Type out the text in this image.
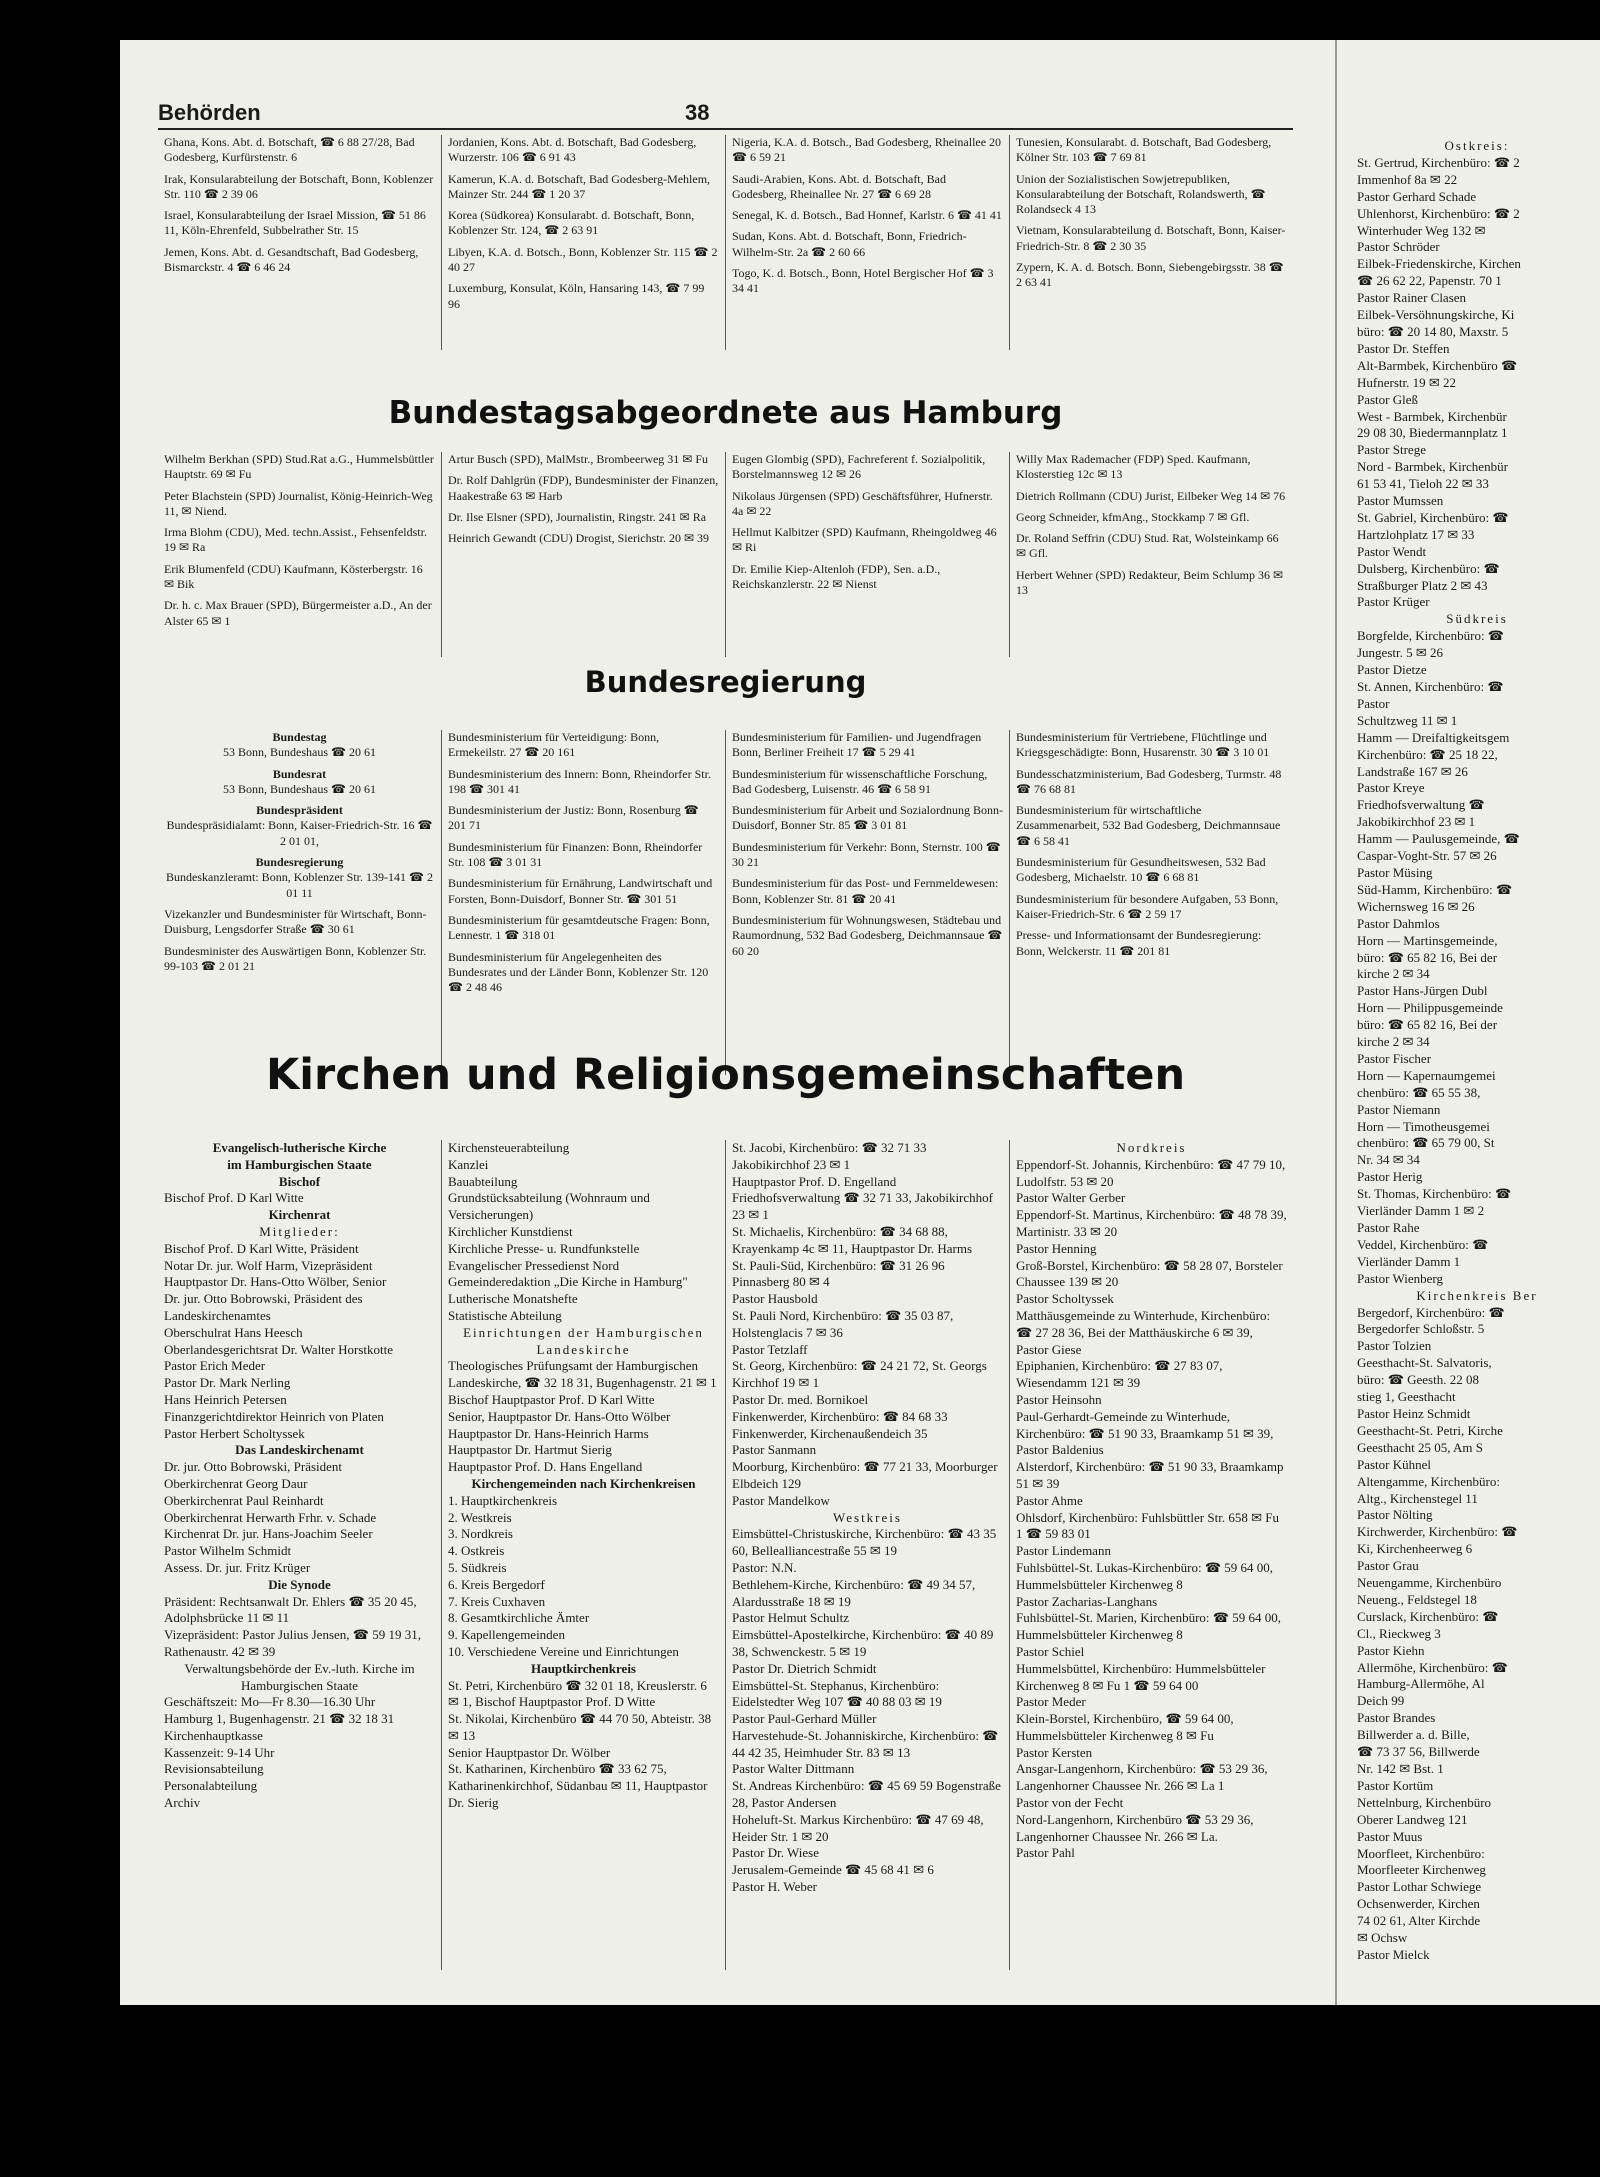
Behörden	38
Ghana, Kons. Abt. d. Botschaft, ☎ 6 88 27/28, Bad Godesberg, Kurfürstenstr. 6
Irak, Konsularabteilung der Botschaft, Bonn, Koblenzer Str. 110 ☎ 2 39 06
Israel, Konsularabteilung der Israel Mission, ☎ 51 86 11, Köln-Ehrenfeld, Subbelrather Str. 15
Jemen, Kons. Abt. d. Gesandtschaft, Bad Godesberg, Bismarckstr. 4 ☎ 6 46 24
Jordanien, Kons. Abt. d. Botschaft, Bad Godesberg, Wurzerstr. 106 ☎ 6 91 43
Kamerun, K.A. d. Botschaft, Bad Godesberg-Mehlem, Mainzer Str. 244 ☎ 1 20 37
Korea (Südkorea) Konsularabt. d. Botschaft, Bonn, Koblenzer Str. 124, ☎ 2 63 91
Libyen, K.A. d. Botsch., Bonn, Koblenzer Str. 115 ☎ 2 40 27
Luxemburg, Konsulat, Köln, Hansaring 143, ☎ 7 99 96
Nigeria, K.A. d. Botsch., Bad Godesberg, Rheinallee 20 ☎ 6 59 21
Saudi-Arabien, Kons. Abt. d. Botschaft, Bad Godesberg, Rheinallee Nr. 27 ☎ 6 69 28
Senegal, K. d. Botsch., Bad Honnef, Karlstr. 6 ☎ 41 41
Sudan, Kons. Abt. d. Botschaft, Bonn, Friedrich-Wilhelm-Str. 2a ☎ 2 60 66
Togo, K. d. Botsch., Bonn, Hotel Bergischer Hof ☎ 3 34 41
Tunesien, Konsularabt. d. Botschaft, Bad Godesberg, Kölner Str. 103 ☎ 7 69 81
Union der Sozialistischen Sowjetrepubliken, Konsularabteilung der Botschaft, Rolandswerth, ☎ Rolandseck 4 13
Vietnam, Konsularabteilung d. Botschaft, Bonn, Kaiser-Friedrich-Str. 8 ☎ 2 30 35
Zypern, K. A. d. Botsch. Bonn, Siebengebirgsstr. 38 ☎ 2 63 41
Bundestagsabgeordnete aus Hamburg
Wilhelm Berkhan (SPD) Stud.Rat a.G., Hummelsbüttler Hauptstr. 69 ✉ Fu
Peter Blachstein (SPD) Journalist, König-Heinrich-Weg 11, ✉ Niend.
Irma Blohm (CDU), Med. techn.Assist., Fehsenfeldstr. 19 ✉ Ra
Erik Blumenfeld (CDU) Kaufmann, Kösterbergstr. 16 ✉ Bik
Dr. h. c. Max Brauer (SPD), Bürgermeister a.D., An der Alster 65 ✉ 1
Artur Busch (SPD), MalMstr., Brombeerweg 31 ✉ Fu
Dr. Rolf Dahlgrün (FDP), Bundesminister der Finanzen, Haakestraße 63 ✉ Harb
Dr. Ilse Elsner (SPD), Journalistin, Ringstr. 241 ✉ Ra
Heinrich Gewandt (CDU) Drogist, Sierichstr. 20 ✉ 39
Eugen Glombig (SPD), Fachreferent f. Sozialpolitik, Borstelmannsweg 12 ✉ 26
Nikolaus Jürgensen (SPD) Geschäftsführer, Hufnerstr. 4a ✉ 22
Hellmut Kalbitzer (SPD) Kaufmann, Rheingoldweg 46 ✉ Ri
Dr. Emilie Kiep-Altenloh (FDP), Sen. a.D., Reichskanzlerstr. 22 ✉ Nienst
Willy Max Rademacher (FDP) Sped. Kaufmann, Klosterstieg 12c ✉ 13
Dietrich Rollmann (CDU) Jurist, Eilbeker Weg 14 ✉ 76
Georg Schneider, kfmAng., Stockkamp 7 ✉ Gfl.
Dr. Roland Seffrin (CDU) Stud. Rat, Wolsteinkamp 66 ✉ Gfl.
Herbert Wehner (SPD) Redakteur, Beim Schlump 36 ✉ 13
Bundesregierung
Bundestag
53 Bonn, Bundeshaus ☎ 20 61
Bundesrat
53 Bonn, Bundeshaus ☎ 20 61
Bundespräsident
Bundespräsidialamt: Bonn, Kaiser-Friedrich-Str. 16 ☎ 2 01 01,
Bundesregierung
Bundeskanzleramt: Bonn, Koblenzer Str. 139-141 ☎ 2 01 11
Vizekanzler und Bundesminister für Wirtschaft, Bonn-Duisburg, Lengsdorfer Straße ☎ 30 61
Bundesminister des Auswärtigen Bonn, Koblenzer Str. 99-103 ☎ 2 01 21
Bundesministerium für Verteidigung: Bonn, Ermekeilstr. 27 ☎ 20 161
Bundesministerium des Innern: Bonn, Rheindorfer Str. 198 ☎ 301 41
Bundesministerium der Justiz: Bonn, Rosenburg ☎ 201 71
Bundesministerium für Finanzen: Bonn, Rheindorfer Str. 108 ☎ 3 01 31
Bundesministerium für Ernährung, Landwirtschaft und Forsten, Bonn-Duisdorf, Bonner Str. ☎ 301 51
Bundesministerium für gesamtdeutsche Fragen: Bonn, Lennestr. 1 ☎ 318 01
Bundesministerium für Angelegenheiten des Bundesrates und der Länder Bonn, Koblenzer Str. 120 ☎ 2 48 46
Bundesministerium für Familien- und Jugendfragen Bonn, Berliner Freiheit 17 ☎ 5 29 41
Bundesministerium für wissenschaftliche Forschung, Bad Godesberg, Luisenstr. 46 ☎ 6 58 91
Bundesministerium für Arbeit und Sozialordnung Bonn-Duisdorf, Bonner Str. 85 ☎ 3 01 81
Bundesministerium für Verkehr: Bonn, Sternstr. 100 ☎ 30 21
Bundesministerium für das Post- und Fernmeldewesen: Bonn, Koblenzer Str. 81 ☎ 20 41
Bundesministerium für Wohnungswesen, Städtebau und Raumordnung, 532 Bad Godesberg, Deichmannsaue ☎ 60 20
Bundesministerium für Vertriebene, Flüchtlinge und Kriegsgeschädigte: Bonn, Husarenstr. 30 ☎ 3 10 01
Bundesschatzministerium, Bad Godesberg, Turmstr. 48 ☎ 76 68 81
Bundesministerium für wirtschaftliche Zusammenarbeit, 532 Bad Godesberg, Deichmannsaue ☎ 6 58 41
Bundesministerium für Gesundheitswesen, 532 Bad Godesberg, Michaelstr. 10 ☎ 6 68 81
Bundesministerium für besondere Aufgaben, 53 Bonn, Kaiser-Friedrich-Str. 6 ☎ 2 59 17
Presse- und Informationsamt der Bundesregierung: Bonn, Welckerstr. 11 ☎ 201 81
Kirchen und Religionsgemeinschaften
Evangelisch-lutherische Kirche
im Hamburgischen Staate
Bischof
Bischof Prof. D Karl Witte
Kirchenrat
Mitglieder:
Bischof Prof. D Karl Witte, Präsident
Notar Dr. jur. Wolf Harm, Vizepräsident
Hauptpastor Dr. Hans-Otto Wölber, Senior
Dr. jur. Otto Bobrowski, Präsident des Landeskirchenamtes
Oberschulrat Hans Heesch
Oberlandesgerichtsrat Dr. Walter Horstkotte
Pastor Erich Meder
Pastor Dr. Mark Nerling
Hans Heinrich Petersen
Finanzgerichtdirektor Heinrich von Platen
Pastor Herbert Scholtyssek
Das Landeskirchenamt
Dr. jur. Otto Bobrowski, Präsident
Oberkirchenrat Georg Daur
Oberkirchenrat Paul Reinhardt
Oberkirchenrat Herwarth Frhr. v. Schade
Kirchenrat Dr. jur. Hans-Joachim Seeler
Pastor Wilhelm Schmidt
Assess. Dr. jur. Fritz Krüger
Die Synode
Präsident: Rechtsanwalt Dr. Ehlers ☎ 35 20 45, Adolphsbrücke 11 ✉ 11
Vizepräsident: Pastor Julius Jensen, ☎ 59 19 31, Rathenaustr. 42 ✉ 39
Verwaltungsbehörde der Ev.-luth. Kirche im Hamburgischen Staate
Geschäftszeit: Mo—Fr 8.30—16.30 Uhr
Hamburg 1, Bugenhagenstr. 21 ☎ 32 18 31
Kirchenhauptkasse
Kassenzeit: 9-14 Uhr
Revisionsabteilung
Personalabteilung
Archiv
Kirchensteuerabteilung
Kanzlei
Bauabteilung
Grundstücksabteilung (Wohnraum und Versicherungen)
Kirchlicher Kunstdienst
Kirchliche Presse- u. Rundfunkstelle
Evangelischer Pressedienst Nord
Gemeinderedaktion „Die Kirche in Hamburg"
Lutherische Monatshefte
Statistische Abteilung
Einrichtungen der Hamburgischen Landeskirche
Theologisches Prüfungsamt der Hamburgischen Landeskirche, ☎ 32 18 31, Bugenhagenstr. 21 ✉ 1
Bischof Hauptpastor Prof. D Karl Witte
Senior, Hauptpastor Dr. Hans-Otto Wölber
Hauptpastor Dr. Hans-Heinrich Harms
Hauptpastor Dr. Hartmut Sierig
Hauptpastor Prof. D. Hans Engelland
Kirchengemeinden nach Kirchenkreisen
1. Hauptkirchenkreis
2. Westkreis
3. Nordkreis
4. Ostkreis
5. Südkreis
6. Kreis Bergedorf
7. Kreis Cuxhaven
8. Gesamtkirchliche Ämter
9. Kapellengemeinden
10. Verschiedene Vereine und Einrichtungen
Hauptkirchenkreis
St. Petri, Kirchenbüro ☎ 32 01 18, Kreuslerstr. 6 ✉ 1, Bischof Hauptpastor Prof. D Witte
St. Nikolai, Kirchenbüro ☎ 44 70 50, Abteistr. 38 ✉ 13
Senior Hauptpastor Dr. Wölber
St. Katharinen, Kirchenbüro ☎ 33 62 75, Katharinenkirchhof, Südanbau ✉ 11, Hauptpastor Dr. Sierig
St. Jacobi, Kirchenbüro: ☎ 32 71 33 Jakobikirchhof 23 ✉ 1
Hauptpastor Prof. D. Engelland
Friedhofsverwaltung ☎ 32 71 33, Jakobikirchhof 23 ✉ 1
St. Michaelis, Kirchenbüro: ☎ 34 68 88, Krayenkamp 4c ✉ 11, Hauptpastor Dr. Harms
St. Pauli-Süd, Kirchenbüro: ☎ 31 26 96 Pinnasberg 80 ✉ 4
Pastor Hausbold
St. Pauli Nord, Kirchenbüro: ☎ 35 03 87, Holstenglacis 7 ✉ 36
Pastor Tetzlaff
St. Georg, Kirchenbüro: ☎ 24 21 72, St. Georgs Kirchhof 19 ✉ 1
Pastor Dr. med. Bornikoel
Finkenwerder, Kirchenbüro: ☎ 84 68 33 Finkenwerder, Kirchenaußendeich 35
Pastor Sanmann
Moorburg, Kirchenbüro: ☎ 77 21 33, Moorburger Elbdeich 129
Pastor Mandelkow
Westkreis
Eimsbüttel-Christuskirche, Kirchenbüro: ☎ 43 35 60, Bellealliancestraße 55 ✉ 19
Pastor: N.N.
Bethlehem-Kirche, Kirchenbüro: ☎ 49 34 57, Alardusstraße 18 ✉ 19
Pastor Helmut Schultz
Eimsbüttel-Apostelkirche, Kirchenbüro: ☎ 40 89 38, Schwenckestr. 5 ✉ 19
Pastor Dr. Dietrich Schmidt
Eimsbüttel-St. Stephanus, Kirchenbüro: Eidelstedter Weg 107 ☎ 40 88 03 ✉ 19
Pastor Paul-Gerhard Müller
Harvestehude-St. Johanniskirche, Kirchenbüro: ☎ 44 42 35, Heimhuder Str. 83 ✉ 13
Pastor Walter Dittmann
St. Andreas Kirchenbüro: ☎ 45 69 59 Bogenstraße 28, Pastor Andersen
Hoheluft-St. Markus Kirchenbüro: ☎ 47 69 48, Heider Str. 1 ✉ 20
Pastor Dr. Wiese
Jerusalem-Gemeinde ☎ 45 68 41 ✉ 6
Pastor H. Weber
Nordkreis
Eppendorf-St. Johannis, Kirchenbüro: ☎ 47 79 10, Ludolfstr. 53 ✉ 20
Pastor Walter Gerber
Eppendorf-St. Martinus, Kirchenbüro: ☎ 48 78 39, Martinistr. 33 ✉ 20
Pastor Henning
Groß-Borstel, Kirchenbüro: ☎ 58 28 07, Borsteler Chaussee 139 ✉ 20
Pastor Scholtyssek
Matthäusgemeinde zu Winterhude, Kirchenbüro: ☎ 27 28 36, Bei der Matthäuskirche 6 ✉ 39, Pastor Giese
Epiphanien, Kirchenbüro: ☎ 27 83 07, Wiesendamm 121 ✉ 39
Pastor Heinsohn
Paul-Gerhardt-Gemeinde zu Winterhude, Kirchenbüro: ☎ 51 90 33, Braamkamp 51 ✉ 39, Pastor Baldenius
Alsterdorf, Kirchenbüro: ☎ 51 90 33, Braamkamp 51 ✉ 39
Pastor Ahme
Ohlsdorf, Kirchenbüro: Fuhlsbüttler Str. 658 ✉ Fu 1 ☎ 59 83 01
Pastor Lindemann
Fuhlsbüttel-St. Lukas-Kirchenbüro: ☎ 59 64 00, Hummelsbütteler Kirchenweg 8
Pastor Zacharias-Langhans
Fuhlsbüttel-St. Marien, Kirchenbüro: ☎ 59 64 00, Hummelsbütteler Kirchenweg 8
Pastor Schiel
Hummelsbüttel, Kirchenbüro: Hummelsbütteler Kirchenweg 8 ✉ Fu 1 ☎ 59 64 00
Pastor Meder
Klein-Borstel, Kirchenbüro, ☎ 59 64 00, Hummelsbütteler Kirchenweg 8 ✉ Fu
Pastor Kersten
Ansgar-Langenhorn, Kirchenbüro: ☎ 53 29 36, Langenhorner Chaussee Nr. 266 ✉ La 1
Pastor von der Fecht
Nord-Langenhorn, Kirchenbüro ☎ 53 29 36, Langenhorner Chaussee Nr. 266 ✉ La.
Pastor Pahl
Ostkreis:
St. Gertrud, Kirchenbüro: ☎ 2
Immenhof 8a ✉ 22
Pastor Gerhard Schade
Uhlenhorst, Kirchenbüro: ☎ 2
Winterhuder Weg 132 ✉
Pastor Schröder
Eilbek-Friedenskirche, Kirchen
☎ 26 62 22, Papenstr. 70 1
Pastor Rainer Clasen
Eilbek-Versöhnungskirche, Ki
büro: ☎ 20 14 80, Maxstr. 5
Pastor Dr. Steffen
Alt-Barmbek, Kirchenbüro ☎
Hufnerstr. 19 ✉ 22
Pastor Gleß
West - Barmbek, Kirchenbür
29 08 30, Biedermannplatz 1
Pastor Strege
Nord - Barmbek, Kirchenbür
61 53 41, Tieloh 22 ✉ 33
Pastor Mumssen
St. Gabriel, Kirchenbüro: ☎
Hartzlohplatz 17 ✉ 33
Pastor Wendt
Dulsberg, Kirchenbüro: ☎
Straßburger Platz 2 ✉ 43
Pastor Krüger
Südkreis
Borgfelde, Kirchenbüro: ☎
Jungestr. 5 ✉ 26
Pastor Dietze
St. Annen, Kirchenbüro: ☎
Pastor
Schultzweg 11 ✉ 1
Hamm — Dreifaltigkeitsgem
Kirchenbüro: ☎ 25 18 22,
Landstraße 167 ✉ 26
Pastor Kreye
Friedhofsverwaltung ☎
Jakobikirchhof 23 ✉ 1
Hamm — Paulusgemeinde, ☎
Caspar-Voght-Str. 57 ✉ 26
Pastor Müsing
Süd-Hamm, Kirchenbüro: ☎
Wichernsweg 16 ✉ 26
Pastor Dahmlos
Horn — Martinsgemeinde,
büro: ☎ 65 82 16, Bei der
kirche 2 ✉ 34
Pastor Hans-Jürgen Dubl
Horn — Philippusgemeinde
büro: ☎ 65 82 16, Bei der
kirche 2 ✉ 34
Pastor Fischer
Horn — Kapernaumgemei
chenbüro: ☎ 65 55 38,
Pastor Niemann
Horn — Timotheusgemei
chenbüro: ☎ 65 79 00, St
Nr. 34 ✉ 34
Pastor Herig
St. Thomas, Kirchenbüro: ☎
Vierländer Damm 1 ✉ 2
Pastor Rahe
Veddel, Kirchenbüro: ☎
Vierländer Damm 1
Pastor Wienberg
Kirchenkreis Ber
Bergedorf, Kirchenbüro: ☎
Bergedorfer Schloßstr. 5
Pastor Tolzien
Geesthacht-St. Salvatoris,
büro: ☎ Geesth. 22 08
stieg 1, Geesthacht
Pastor Heinz Schmidt
Geesthacht-St. Petri, Kirche
Geesthacht 25 05, Am S
Pastor Kühnel
Altengamme, Kirchenbüro:
Altg., Kirchenstegel 11
Pastor Nölting
Kirchwerder, Kirchenbüro: ☎
Ki, Kirchenheerweg 6
Pastor Grau
Neuengamme, Kirchenbüro
Neueng., Feldstegel 18
Curslack, Kirchenbüro: ☎
Cl., Rieckweg 3
Pastor Kiehn
Allermöhe, Kirchenbüro: ☎
Hamburg-Allermöhe, Al
Deich 99
Pastor Brandes
Billwerder a. d. Bille,
☎ 73 37 56, Billwerde
Nr. 142 ✉ Bst. 1
Pastor Kortüm
Nettelnburg, Kirchenbüro
Oberer Landweg 121
Pastor Muus
Moorfleet, Kirchenbüro:
Moorfleeter Kirchenweg
Pastor Lothar Schwiege
Ochsenwerder, Kirchen
74 02 61, Alter Kirchde
✉ Ochsw
Pastor Mielck
